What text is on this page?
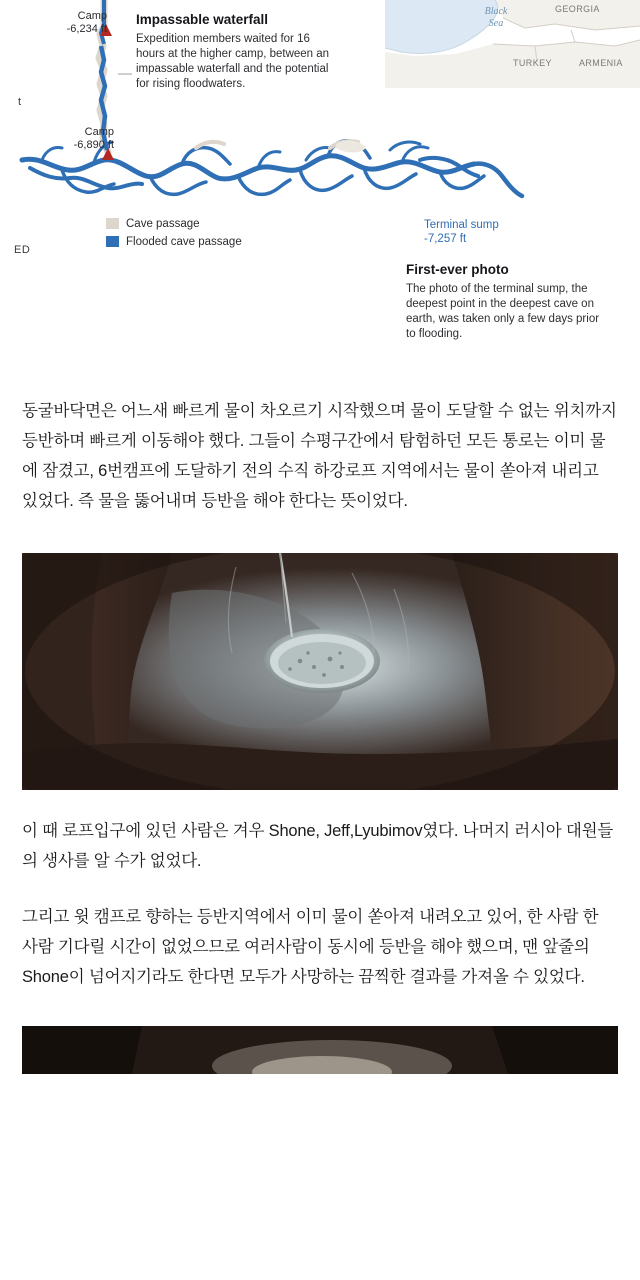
Black
Sea
GEORGIA
TURKEY	ARMENIA
Impassable waterfall
Expedition members waited for 16 hours at the higher camp, between an impassable waterfall and the potential for rising floodwaters.
Camp
-6,234 ft
Camp
-6,890 ft
Terminal sump
-7,257 ft
t
ED
Cave passage
Flooded cave passage
First-ever photo
The photo of the terminal sump, the deepest point in the deepest cave on earth, was taken only a few days prior to flooding.

동굴바닥면은 어느새 빠르게 물이 차오르기 시작했으며 물이 도달할 수 없는 위치까지 등반하며 빠르게 이동해야 했다. 그들이 수평구간에서 탐험하던 모든 통로는 이미 물에 잠겼고, 6번캠프에 도달하기 전의 수직 하강로프 지역에서는 물이 쏟아져 내리고 있었다. 즉 물을 뚫어내며 등반을 해야 한다는 뜻이었다.

이 때 로프입구에 있던 사람은 겨우 Shone, Jeff,Lyubimov였다. 나머지 러시아 대원들의 생사를 알 수가 없었다.

그리고 윗 캠프로 향하는 등반지역에서 이미 물이 쏟아져 내려오고 있어, 한 사람 한 사람 기다릴 시간이 없었으므로 여러사람이 동시에 등반을 해야 했으며, 맨 앞줄의 Shone이 넘어지기라도 한다면 모두가 사망하는 끔찍한 결과를 가져올 수 있었다.
